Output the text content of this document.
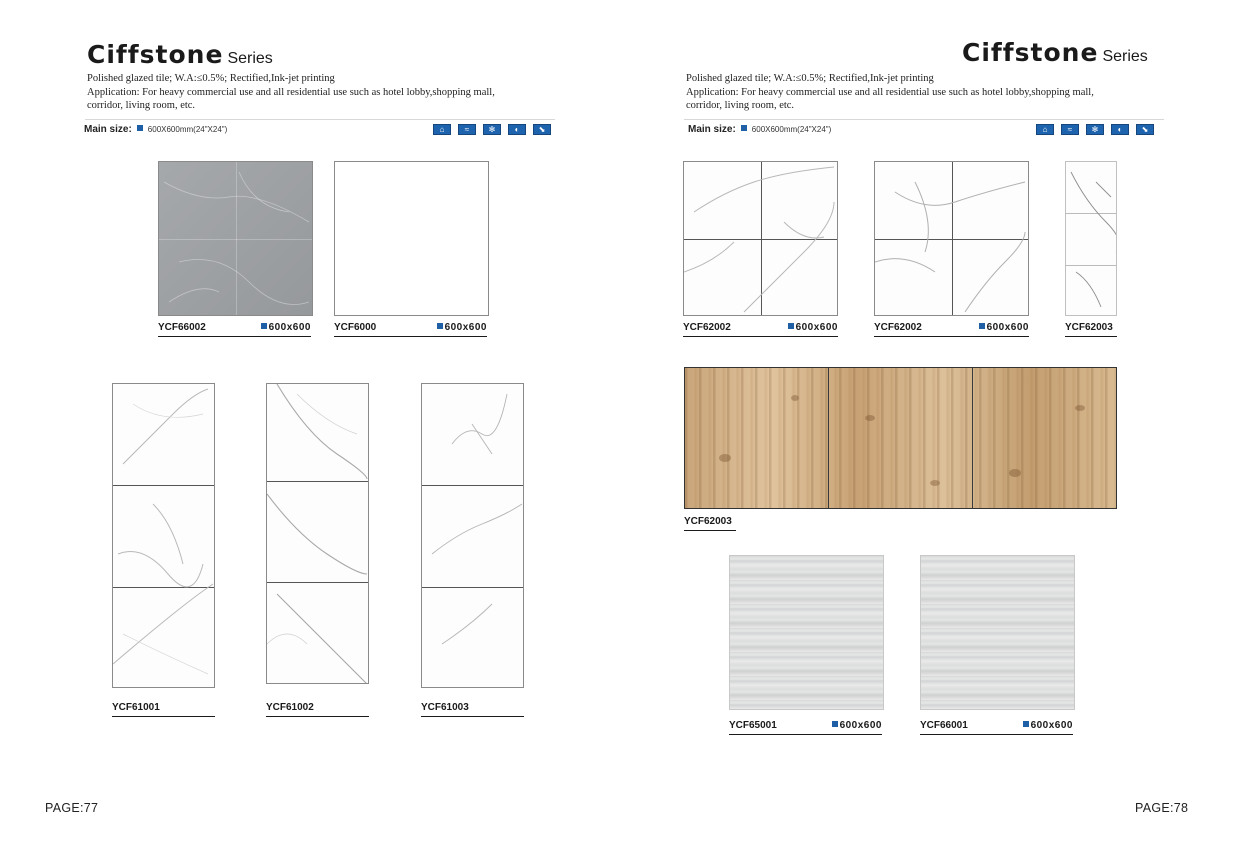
Ciffstone Series
Polished glazed tile; W.A:≤0.5%; Rectified,Ink-jet printing
Application: For heavy commercial use and all residential use such as hotel lobby,shopping mall,
corridor, living room, etc.
Main size: 600X600mm(24"X24")	⌂	≈	✻	◐	⬊
YCF66002	600x600 YCF6000	600x600
YCF61001	YCF61002	YCF61003
PAGE:77
Ciffstone Series
Polished glazed tile; W.A:≤0.5%; Rectified,Ink-jet printing
Application: For heavy commercial use and all residential use such as hotel lobby,shopping mall,
corridor, living room, etc.
Main size: 600X600mm(24"X24")	⌂	≈	✻	◐	⬊
YCF62002	600x600	YCF62002	600x600	YCF62003
YCF62003
YCF65001	600x600	YCF66001	600x600
PAGE:78
